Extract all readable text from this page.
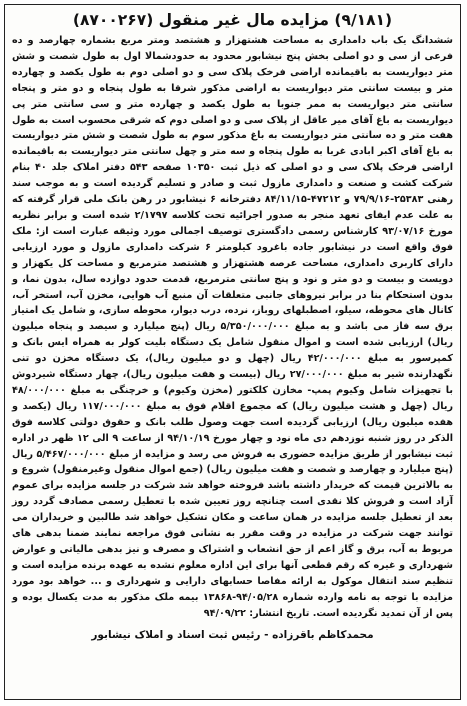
(۹/۱۸۱) مزایده مال غیر منقول (۸۷۰۰۲۶۷)
ششدانگ یک باب دامداری به مساحت هشتهزار و هشتصد ومتر مربع بشماره چهارصد و ده فرعی از سی و دو اصلی بخش پنج نیشابور محدود به حدودشمالا اول به طول شصت و شش متر دیواریست به باقیمانده اراضی فرخک پلاک سی و دو اصلی دوم به طول یکصد و چهارده متر و بیست سانتی متر دیواریست به اراضی مذکور شرقا به طول پنجاه و دو متر و پنجاه سانتی متر دیواریست به ممر جنوبا به طول یکصد و چهارده متر و سی سانتی متر پی دیواریست به باغ آقای میر عاقل از پلاک سی و دو اصلی دوم که شرقی محسوب است به طول هفت متر و ده سانتی متر دیواریست به باغ مذکور سوم به طول شصت و شش متر دیواریست به باغ آقای اکبر ابادی غربا به طول پنجاه و سه متر و چهل سانتی متر دیواریست به باقیمانده اراضی فرخک پلاک سی و دو اصلی که ذیل ثبت ۱۰۳۵۰ صفحه ۵۴۳ دفتر املاک جلد ۴۰ بنام شرکت کشت و صنعت و دامداری مازول ثبت و صادر و تسلیم گردیده است و به موجب سند رهنی ۲۵۳۸۳-۷۹/۹/۱۶ و ۴۷۲۱۲-۸۴/۱۱/۱۵ دفترخانه ۶ نیشابور در رهن بانک ملی قرار گرفته که به علت عدم ایفای تعهد منجر به صدور اجرائیه تحت کلاسه ۲/۱۷۹۷ شده است و برابر نظریه مورخ ۹۳/۰۷/۱۶ کارشناس رسمی دادگستری توصیف اجمالی مورد وثیقه عبارت است از: ملک فوق واقع است در نیشابور جاده باغرود کیلومتر ۶ شرکت دامداری مازول و مورد ارزیابی دارای کاربری دامداری، مساحت عرصه هشتهزار و هشتصد مترمربع و مساحت کل یکهزار و دویست و بیست و دو متر و نود و پنج سانتی مترمربع، قدمت حدود دوازده سال، بدون نما، و بدون استحکام بنا در برابر نیروهای جانبی متعلقات آن منبع آب هوایی، مخزن آب، استخر آب، کانال های محوطه، سیلو، اصطبلهای روباز، نرده، درب دیوار، محوطه سازی، و شامل یک امتیاز برق سه فاز می باشد و به مبلغ ۵/۳۵۰/۰۰۰/۰۰۰ ریال (پنج میلیارد و سیصد و پنجاه میلیون ریال) ارزیابی شده است و اموال منقول شامل یک دستگاه بلیت کولر به همراه ایس بانک و کمپرسور به مبلغ ۴۲/۰۰۰/۰۰۰ ریال (چهل و دو میلیون ریال)، یک دستگاه مخزن دو تنی نگهدارنده شیر به مبلغ ۲۷/۰۰۰/۰۰۰ ریال (بیست و هفت میلیون ریال)، چهار دستگاه شیردوش با تجهیزات شامل وکیوم پمپ- مخازن کلکتور (مخزن وکیوم) و خرچنگی به مبلغ ۴۸/۰۰۰/۰۰۰ ریال (چهل و هشت میلیون ریال) که مجموع اقلام فوق به مبلغ ۱۱۷/۰۰۰/۰۰۰ ریال (یکصد و هفده میلیون ریال) ارزیابی گردیده است جهت وصول طلب بانک و حقوق دولتی کلاسه فوق الذکر در روز شنبه نوزدهم دی ماه نود و چهار مورخ ۹۴/۱۰/۱۹ از ساعت ۹ الی ۱۲ ظهر در اداره ثبت نیشابور از طریق مزایده حضوری به فروش می رسد و مزایده از مبلغ ۵/۴۶۷/۰۰۰/۰۰۰ ریال (پنج میلیارد و چهارصد و شصت و هفت میلیون ریال) (جمع اموال منقول وغیرمنقول) شروع و به بالاترین قیمت که خریدار داشته باشد فروخته خواهد شد شرکت در جلسه مزایده برای عموم آزاد است و فروش کلا نقدی است چنانچه روز تعیین شده با تعطیل رسمی مصادف گردد روز بعد از تعطیل جلسه مزایده در همان ساعت و مکان تشکیل خواهد شد طالبین و خریداران می توانند جهت شرکت در مزایده در وقت مقرر به نشانی فوق مراجعه نمایند ضمنا بدهی های مربوط به آب، برق و گاز اعم از حق انشعاب و اشتراک و مصرف و نیز بدهی مالیاتی و عوارض شهرداری و غیره که رقم قطعی آنها برای این اداره معلوم نشده به عهده برنده مزایده است و تنظیم سند انتقال موکول به ارائه مفاصا حسابهای دارایی و شهرداری و ... خواهد بود مورد مزایده با توجه به نامه وارده شماره ۹۴/۰۵/۲۸-۱۳۸۶۸ بیمه ملک مذکور به مدت یکسال بوده و پس از آن تمدید نگردیده است. تاریخ انتشار: ۹۴/۰۹/۲۲
محمدکاظم باقرزاده - رئیس ثبت اسناد و املاک نیشابور
